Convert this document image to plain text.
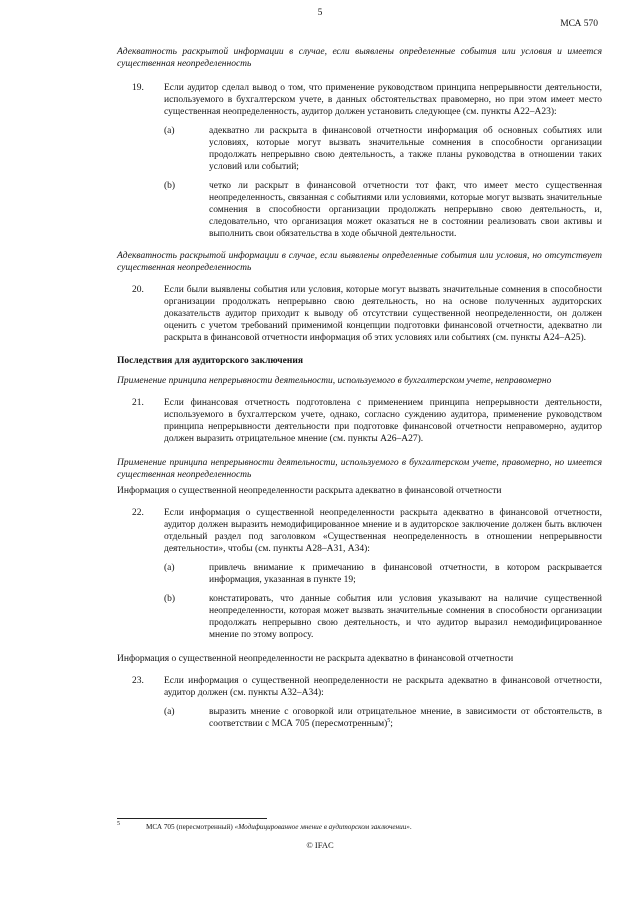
5
МСА 570

Адекватность раскрытой информации в случае, если выявлены определенные события или условия и имеется существенная неопределенность

19. Если аудитор сделал вывод о том, что применение руководством принципа непрерывности деятельности, используемого в бухгалтерском учете, в данных обстоятельствах правомерно, но при этом имеет место существенная неопределенность, аудитор должен установить следующее (см. пункты А22–А23):

(a)	адекватно ли раскрыта в финансовой отчетности информация об основных событиях или условиях, которые могут вызвать значительные сомнения в способности организации продолжать непрерывно свою деятельность, а также планы руководства в отношении таких условий или событий;

(b)	четко ли раскрыт в финансовой отчетности тот факт, что имеет место существенная неопределенность, связанная с событиями или условиями, которые могут вызвать значительные сомнения в способности организации продолжать непрерывно свою деятельность, и, следовательно, что организация может оказаться не в состоянии реализовать свои активы и выполнить свои обязательства в ходе обычной деятельности.

Адекватность раскрытой информации в случае, если выявлены определенные события или условия, но отсутствует существенная неопределенность

20. Если были выявлены события или условия, которые могут вызвать значительные сомнения в способности организации продолжать непрерывно свою деятельность, но на основе полученных аудиторских доказательств аудитор приходит к выводу об отсутствии существенной неопределенности, он должен оценить с учетом требований применимой концепции подготовки финансовой отчетности, адекватно ли раскрыта в финансовой отчетности информация об этих условиях или событиях (см. пункты А24–А25).

Последствия для аудиторского заключения

Применение принципа непрерывности деятельности, используемого в бухгалтерском учете, неправомерно

21. Если финансовая отчетность подготовлена с применением принципа непрерывности деятельности, используемого в бухгалтерском учете, однако, согласно суждению аудитора, применение руководством принципа непрерывности деятельности при подготовке финансовой отчетности неправомерно, аудитор должен выразить отрицательное мнение (см. пункты А26–А27).

Применение принципа непрерывности деятельности, используемого в бухгалтерском учете, правомерно, но имеется существенная неопределенность

Информация о существенной неопределенности раскрыта адекватно в финансовой отчетности

22. Если информация о существенной неопределенности раскрыта адекватно в финансовой отчетности, аудитор должен выразить немодифицированное мнение и в аудиторское заключение должен быть включен отдельный раздел под заголовком «Существенная неопределенность в отношении непрерывности деятельности», чтобы (см. пункты А28–А31, А34):

(a)	привлечь внимание к примечанию в финансовой отчетности, в котором раскрывается информация, указанная в пункте 19;

(b)	констатировать, что данные события или условия указывают на наличие существенной неопределенности, которая может вызвать значительные сомнения в способности организации продолжать непрерывно свою деятельность, и что аудитор выразил немодифицированное мнение по этому вопросу.

Информация о существенной неопределенности не раскрыта адекватно в финансовой отчетности

23. Если информация о существенной неопределенности не раскрыта адекватно в финансовой отчетности, аудитор должен (см. пункты А32–А34):

(a)	выразить мнение с оговоркой или отрицательное мнение, в зависимости от обстоятельств, в соответствии с МСА 705 (пересмотренным)$^5$;

5	МСА 705 (пересмотренный) «Модифицированное мнение в аудиторском заключении».
© IFAC
